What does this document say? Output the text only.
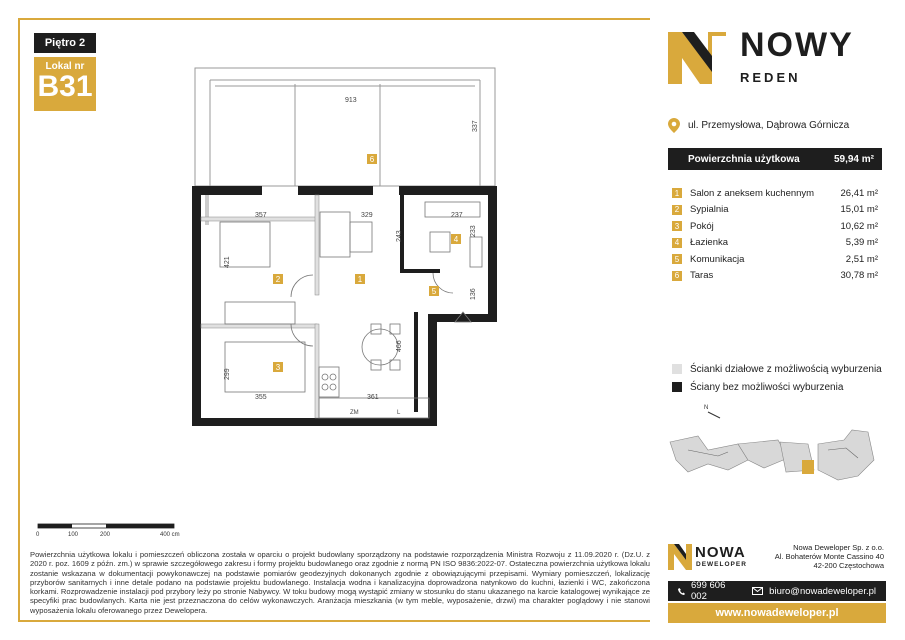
Piętro 2
Lokal nr
B31	913
337
357	329
243
237
233
136
421
299
355	361
466
ZM	L
1
2
3
4
5
6
0	100	200	400 cm
Powierzchnia użytkowa lokalu i pomieszczeń obliczona została w oparciu o projekt budowlany sporządzony na podstawie rozporządzenia Ministra Rozwoju z 11.09.2020 r. (Dz.U. z 2020 r. poz. 1609 z późn. zm.) w sprawie szczegółowego zakresu i formy projektu budowlanego oraz zgodnie z normą PN ISO 9836:2022-07. Ostateczna powierzchnia użytkowa lokalu zostanie wskazana w dokumentacji powykonawczej na podstawie pomiarów geodezyjnych dokonanych zgodnie z obowiązującymi przepisami. Wymiary pomieszczeń, lokalizację przyborów sanitarnych i inne detale podano na podstawie projektu budowlanego. Instalacja wodna i kanalizacyjna doprowadzona natynkowo do kuchni, łazienki i WC, zakończona korkami. Rozprowadzenie instalacji pod przybory leży po stronie Nabywcy. W toku budowy mogą wystąpić zmiany w stosunku do stanu ukazanego na karcie katalogowej wynikające ze specyfiki prac budowlanych. Karta nie jest przeznaczona do celów wykonawczych. Aranżacja mieszkania (w tym meble, wyposażenie, drzwi) ma charakter poglądowy i nie stanowi wyposażenia lokalu oferowanego przez Dewelopera.
NOWY
REDEN
ul. Przemysłowa, Dąbrowa Górnicza
Powierzchnia użytkowa	59,94 m²
1 Salon z aneksem kuchennym	26,41 m²
2 Sypialnia	15,01 m²
3 Pokój	10,62 m²
4 Łazienka	5,39 m²
5 Komunikacja	2,51 m²
6 Taras	30,78 m²
Ścianki działowe z możliwością wyburzenia
Ściany bez możliwości wyburzenia
N
NOWA
DEWELOPER
Nowa Deweloper Sp. z o.o.
Al. Bohaterów Monte Cassino 40
42-200 Częstochowa
699 606 002	biuro@nowadeweloper.pl
www.nowadeweloper.pl
